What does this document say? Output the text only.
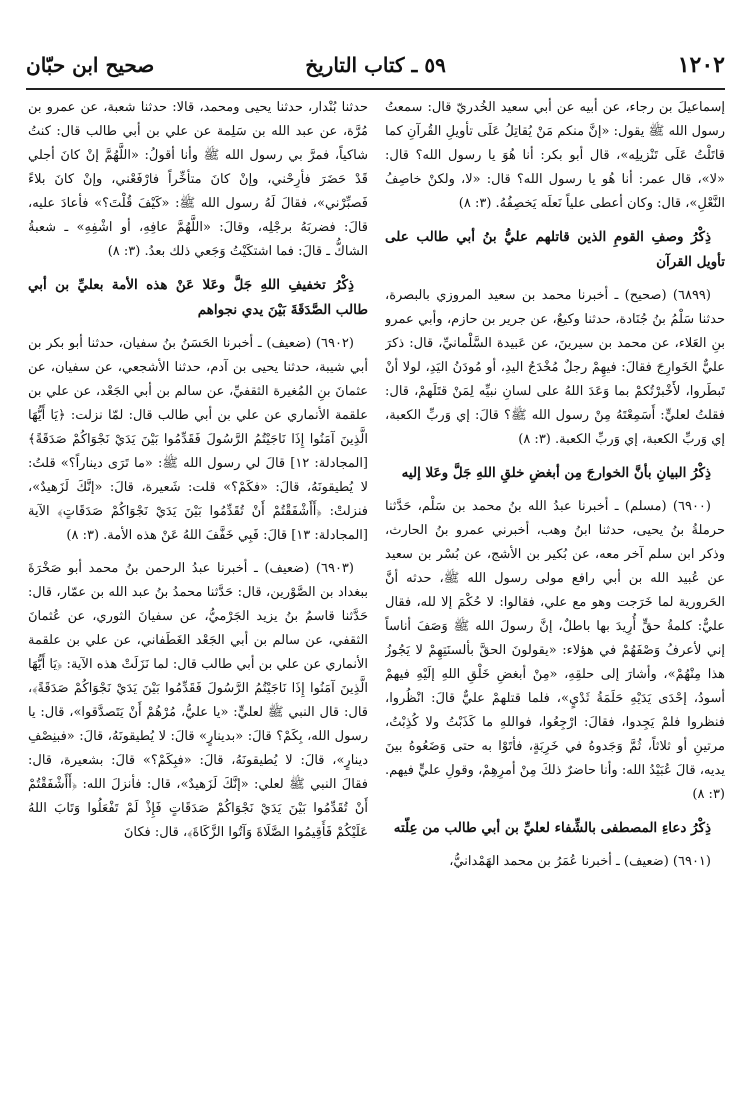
١٢٠٢
٥٩ ـ كتاب التاريخ
صحيح ابن حبّان

إسماعيلَ بن رجاء، عن أبيه عن أبي سعيد الخُدريّ قال: سمعتُ رسول الله ﷺ يقول: «إنَّ منكم مَنْ يُقاتِلُ عَلَى تأويلِ القُرآنِ كما قاتَلْتُ عَلَى تَنْزيلِه»، قال أبو بكر: أنا هُوَ يا رسول الله؟ قال: «لا»، قال عمر: أنا هُو يا رسول الله؟ قال: «لا، ولكنْ خاصِفُ النَّعْلِ»، قال: وكان أعطى علياً نَعلَه يَخصِفُهُ. (٣: ٨)

ذِكْرُ وصفِ القومِ الذين قاتلهم عليُّ بنُ أبي طالب على تأويل القرآن

(٦٨٩٩) (صحيح) ـ أخبرنا محمد بن سعيد المروزي بالبصرة، حدثنا سَلْمُ بنُ جُنَادة، حدثنا وكيعٌ، عن جرير بن حازم، وأبي عمرو بنِ العَلاء، عن محمد بن سيرينَ، عن عَبيدة السَّلْمانيِّ، قال: ذكرَ عليٌّ الخَوارِجَ فقالَ: فيهِمْ رجلٌ مُخْدَجُ اليدِ، أو مُودَنُ اليَدِ، لولا أنْ تَبطَروا، لأَخْبرْتُكمْ بما وَعَدَ اللهُ على لسانِ نبيِّه لِمَنْ قتَلَهمْ، قال: فقلتُ لعليٍّ: أَسَمِعْتَهُ مِنْ رسول الله ﷺ؟ قالَ: إي وَربِّ الكعبة، إي وَربِّ الكعبة، إي وَربِّ الكعبة. (٣: ٨)

ذِكْرُ البيانِ بأنَّ الخوارجَ مِن أبغضِ خلقِ اللهِ جَلَّ وعَلا إليه

(٦٩٠٠) (مسلم) ـ أخبرنا عبدُ الله بنُ محمد بن سَلْم، حَدَّثنا حرملةُ بنُ يحيى، حدثنا ابنُ وهب، أخبرني عمرو بنُ الحارث، وذكر ابن سلم آخر معه، عن بُكير بن الأشج، عن بُسْر بن سعيد عن عُبيد الله بن أبي رافع مولى رسول الله ﷺ، حدثه أنَّ الحَرورية لما خَرَجت وهو مع علي، فقالوا: لا حُكْمَ إلا لله، فقال عليٌّ: كلمةُ حقٍّ أُرِيدَ بها باطلٌ، إنَّ رسولَ الله ﷺ وَصَفَ أناساً إني لأعرفُ وَصْفَهُمْ في هؤلاء: «يقولونَ الحقَّ بألسنَتِهِمْ لا يَجُوزُ هذا مِنْهُمْ»، وأشارَ إلى حلقِهِ، «مِنْ أبغضِ خَلْقِ اللهِ إلَيْهِ فيهمْ أسودُ، إحْدَى يَدَيْهِ حَلَمَةُ ثَدْيٍ»، فلما قتلهمْ عليٌّ قالَ: انْظُروا، فنظروا فلمْ يَجِدوا، فقالَ: ارْجِعُوا، فواللهِ ما كَذَبْتُ ولا كُذِبْتُ، مرتينِ أو ثلاثاً، ثُمَّ وَجَدوهُ في خَرِبَةٍ، فأتَوْا به حتى وَضَعُوهُ بينَ يديه، قالَ عُبَيْدُ الله: وأنا حاضرٌ ذلكَ مِنْ أمرِهِمْ، وقولِ عليٍّ فيهم. (٣: ٨)

ذِكْرُ دعاءِ المصطفى بالشِّفاء لعليِّ بن أبي طالب من عِلّته

(٦٩٠١) (ضعيف) ـ أخبرنا عُمَرُ بن محمد الهَمْدانيُّ،

حدثنا بُنْدار، حدثنا يحيى ومحمد، قالا: حدثنا شعبة، عن عمرو بن مُرَّة، عن عبد الله بن سَلِمة عن علي بن أبي طالب قال: كنتُ شاكياً، فمرَّ بي رسول الله ﷺ وأنا أقولُ: «اللَّهُمَّ إنْ كانَ أجلي قَدْ حَضَرَ فأرِحْني، وإنْ كانَ متأخِّراً فارْفَعْني، وإنْ كانَ بلاءً فَصبِّرْني»، فقالَ لَهُ رسول الله ﷺ: «كَيْفَ قُلْتَ؟» فأعادَ عليه، قالَ: فضربَهُ برجْلِه، وقالَ: «اللَّهُمَّ عافِهِ، أو اشْفِهِ» ـ شعبةُ الشاكُّ ـ قالَ: فما اشتكَيْتُ وَجَعي ذلك بعدُ. (٣: ٨)

ذِكْرُ تخفيفِ اللهِ جَلَّ وعَلا عَنْ هذه الأمة بعليِّ بن أبي طالب الصَّدَقَةَ بَيْنَ يدي نجواهم

(٦٩٠٢) (ضعيف) ـ أخبرنا الحَسَنُ بنُ سفيان، حدثنا أبو بكر بن أبي شيبة، حدثنا يحيى بن آدم، حدثنا الأشجعي، عن سفيان، عن عثمانَ بنِ المُغيرة الثقفيِّ، عن سالم بن أبي الجَعْد، عن علي بن علقمة الأنماري عن علي بن أبي طالب قال: لمّا نزلت: ﴿يَا أَيُّهَا الَّذِينَ آمَنُوا إِذَا نَاجَيْتُمُ الرَّسُولَ فَقَدِّمُوا بَيْنَ يَدَيْ نَجْوَاكُمْ صَدَقَةً﴾ [المجادلة: ١٢] قالَ لي رسول الله ﷺ: «ما تَرَى ديناراً؟» قلتُ: لا يُطيقونَهُ، قالَ: «فكَمْ؟» قلت: شَعيرة، قالَ: «إنَّكَ لَزَهيدٌ»، فنزلتْ: ﴿أَأَشْفَقْتُمْ أَنْ تُقَدِّمُوا بَيْنَ يَدَيْ نَجْوَاكُمْ صَدَقَاتٍ﴾ الآية [المجادلة: ١٣] قالَ: فَبِي خَفَّفَ اللهُ عَنْ هذه الأمة. (٣: ٨)

(٦٩٠٣) (ضعيف) ـ أخبرنا عبدُ الرحمن بنُ محمد أبو صَخْرَةَ ببغداد بن الصَّوْرين، قال: حَدَّثنا محمدُ بنُ عبد الله بن عمّار، قال: حَدَّثنا قاسمُ بنُ يزيد الجَرْميُّ، عن سفيانَ الثوري، عن عُثمانَ الثقفي، عن سالم بن أبي الجَعْد الغَطَفاني، عن علي بن علقمة الأنماري عن علي بن أبي طالب قال: لما نَزَلَتْ هذه الآية: ﴿يَا أَيُّهَا الَّذِينَ آمَنُوا إِذَا نَاجَيْتُمُ الرَّسُولَ فَقَدِّمُوا بَيْنَ يَدَيْ نَجْوَاكُمْ صَدَقَةً﴾، قال: قال النبي ﷺ لعليٍّ: «يا عليُّ، مُرْهُمْ أَنْ يَتَصدَّقوا»، قال: يا رسول الله، بِكَمْ؟ قالَ: «بدينارٍ» قالَ: لا يُطيقونَهُ، قالَ: «فبنِصْفِ دينارٍ»، قالَ: لا يُطيقونَهُ، قالَ: «فبِكَمْ؟» قالَ: بشعيرة، قال: فقالَ النبي ﷺ لعلي: «إنَّكَ لَزَهيدٌ»، قال: فأنزلَ الله: ﴿أَأَشْفَقْتُمْ أَنْ تُقَدِّمُوا بَيْنَ يَدَيْ نَجْوَاكُمْ صَدَقَاتٍ فَإِذْ لَمْ تَفْعَلُوا وَتَابَ اللهُ عَلَيْكُمْ فَأَقِيمُوا الصَّلَاةَ وَآتُوا الزَّكَاةَ﴾، قال: فكانَ
